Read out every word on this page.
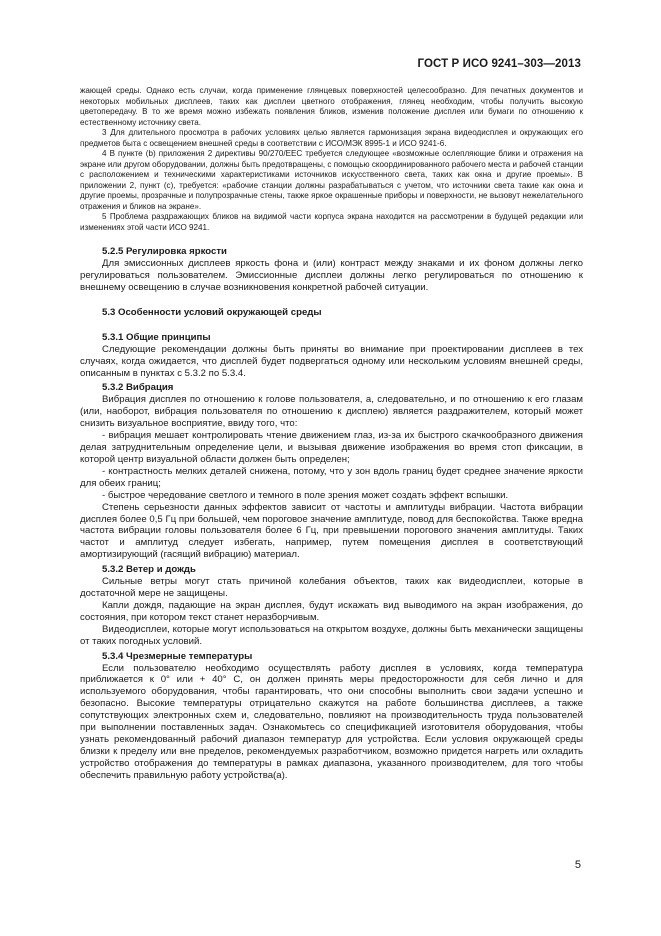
ГОСТ Р ИСО 9241–303—2013

жающей среды. Однако есть случаи, когда применение глянцевых поверхностей целесообразно. Для печатных документов и некоторых мобильных дисплеев, таких как дисплеи цветного отображения, глянец необходим, чтобы получить высокую цветопередачу. В то же время можно избежать появления бликов, изменив положение дисплея или бумаги по отношению к естественному источнику света.

3 Для длительного просмотра в рабочих условиях целью является гармонизация экрана видеодисплея и окружающих его предметов быта с освещением внешней среды в соответствии с ИСО/МЭК 8995-1 и ИСО 9241-6.

4 В пункте (b) приложения 2 директивы 90/270/ЕЕС требуется следующее «возможные ослепляющие блики и отражения на экране или другом оборудовании, должны быть предотвращены, с помощью скоординированного рабочего места и рабочей станции с расположением и техническими характеристиками источников искусственного света, таких как окна и другие проемы». В приложении 2, пункт (с), требуется: «рабочие станции должны разрабатываться с учетом, что источники света такие как окна и другие проемы, прозрачные и полупрозрачные стены, также яркое окрашенные приборы и поверхности, не вызовут нежелательного отражения и бликов на экране».

5 Проблема раздражающих бликов на видимой части корпуса экрана находится на рассмотрении в будущей редакции или изменениях этой части ИСО 9241.

5.2.5 Регулировка яркости

Для эмиссионных дисплеев яркость фона и (или) контраст между знаками и их фоном должны легко регулироваться пользователем. Эмиссионные дисплеи должны легко регулироваться по отношению к внешнему освещению в случае возникновения конкретной рабочей ситуации.

5.3 Особенности условий окружающей среды

5.3.1 Общие принципы

Следующие рекомендации должны быть приняты во внимание при проектировании дисплеев в тех случаях, когда ожидается, что дисплей будет подвергаться одному или нескольким условиям внешней среды, описанным в пунктах с 5.3.2 по 5.3.4.

5.3.2 Вибрация

Вибрация дисплея по отношению к голове пользователя, а, следовательно, и по отношению к его глазам (или, наоборот, вибрация пользователя по отношению к дисплею) является раздражителем, который может снизить визуальное восприятие, ввиду того, что:

- вибрация мешает контролировать чтение движением глаз, из-за их быстрого скачкообразного движения делая затруднительным определение цели, и вызывая движение изображения во время стоп фиксации, в которой центр визуальной области должен быть определен;

- контрастность мелких деталей снижена, потому, что у зон вдоль границ будет среднее значение яркости для обеих границ;

- быстрое чередование светлого и темного в поле зрения может создать эффект вспышки.

Степень серьезности данных эффектов зависит от частоты и амплитуды вибрации. Частота вибрации дисплея более 0,5 Гц при большей, чем пороговое значение амплитуде, повод для беспокойства. Также вредна частота вибрации головы пользователя более 6 Гц, при превышении порогового значения амплитуды. Таких частот и амплитуд следует избегать, например, путем помещения дисплея в соответствующий амортизирующий (гасящий вибрацию) материал.

5.3.2 Ветер и дождь

Сильные ветры могут стать причиной колебания объектов, таких как видеодисплеи, которые в достаточной мере не защищены.

Капли дождя, падающие на экран дисплея, будут искажать вид выводимого на экран изображения, до состояния, при котором текст станет неразборчивым.

Видеодисплеи, которые могут использоваться на открытом воздухе, должны быть механически защищены от таких погодных условий.

5.3.4 Чрезмерные температуры

Если пользователю необходимо осуществлять работу дисплея в условиях, когда температура приближается к 0° или + 40° С, он должен принять меры предосторожности для себя лично и для используемого оборудования, чтобы гарантировать, что они способны выполнить свои задачи успешно и безопасно. Высокие температуры отрицательно скажутся на работе большинства дисплеев, а также сопутствующих электронных схем и, следовательно, повлияют на производительность труда пользователей при выполнении поставленных задач. Ознакомьтесь со спецификацией изготовителя оборудования, чтобы узнать рекомендованный рабочий диапазон температур для устройства. Если условия окружающей среды близки к пределу или вне пределов, рекомендуемых разработчиком, возможно придется нагреть или охладить устройство отображения до температуры в рамках диапазона, указанного производителем, для того чтобы обеспечить правильную работу устройства(а).

5
